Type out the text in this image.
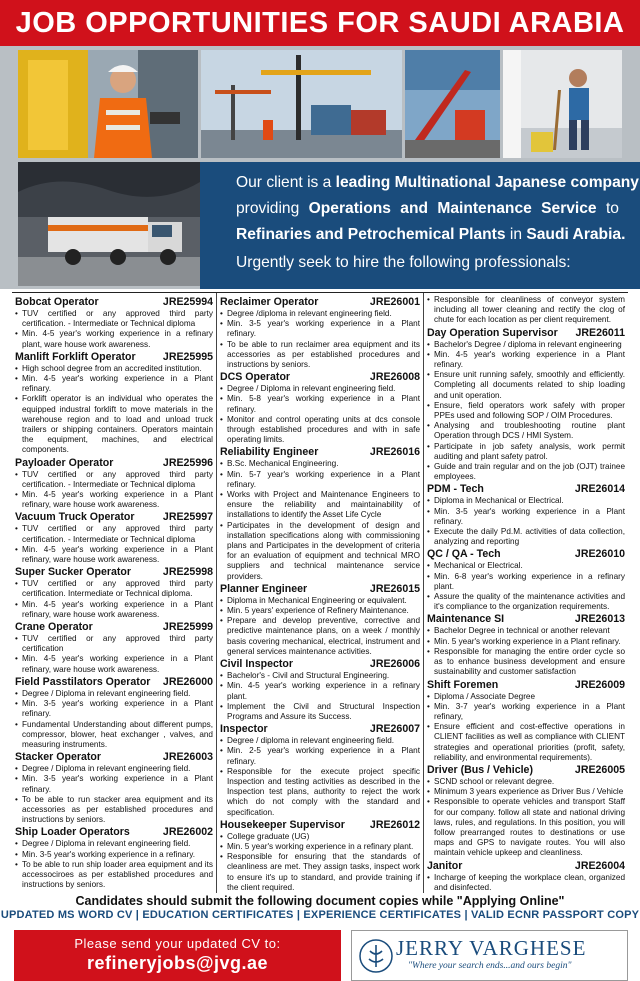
JOB OPPORTUNITIES FOR SAUDI ARABIA
Our client is a leading Multinational Japanese company
providing Operations and Maintenance Service to
Refinaries and Petrochemical Plants in Saudi Arabia.
Urgently seek to hire the following professionals:
Bobcat Operator	JRE25994
• TUV certified or any approved third party certification. - Intermediate or Technical diploma
• Min. 4-5 year's working experience in a refinary plant, ware house work awareness.
Manlift Forklift Operator	JRE25995
• High school degree from an accredited institution.
• Min. 4-5 year's working experience in a Plant refinary.
• Forklift operator is an individual who operates the equipped industral forklift to move materials in the warehouse region and to load and unload truck trailers or shipping containers. Operators maintain the equipment, machines, and electrical components.
Payloader Operator	JRE25996
• TUV certified or any approved third party certification. - Intermediate or Technical diploma
• Min. 4-5 year's working experience in a Plant refinary, ware house work awareness.
Vacuum Truck Operator	JRE25997
• TUV certified or any approved third party certification. - Intermediate or Technical diploma
• Min. 4-5 year's working experience in a Plant refinary, ware house work awareness.
Super Sucker Operator	JRE25998
• TUV certified or any approved third party certification. Intermediate or Technical diploma.
• Min. 4-5 year's working experience in a Plant refinary, ware house work awareness.
Crane Operator	JRE25999
• TUV certified or any approved third party certification
• Min. 4-5 year's working experience in a Plant refinary, ware house work awareness.
Field Passtilators Operator JRE26000
• Degree / Diploma in relevant engineering field.
• Min. 3-5 year's working experience in a Plant refinary.
• Fundamental Understanding about different pumps, compressor, blower, heat exchanger , valves, and measuring instruments.
Stacker Operator	JRE26003
• Degree / Diploma in relevant engineering field.
• Min. 3-5 year's working experience in a Plant refinary.
• To be able to run stacker area equipment and its accessories as per established procedures and instructions by seniors.
Ship Loader Operators	JRE26002
• Degree / Diploma in relevant engineering field.
• Min. 3-5 year's working experience in a refinary.
• To be able to run ship loader area equipment and its accessociroes as per established procedures and instructions by seniors.
Reclaimer Operator	JRE26001
• Degree /diploma in relevant engineering field.
• Min. 3-5 year's working experience in a Plant refinary.
• To be able to run reclaimer area equipment and its accessories as per established procedures and instructions by seniors.
DCS Operator	JRE26008
• Degree / Diploma in relevant engineering field.
• Min. 5-8 year's working experience in a Plant refinary.
• Monitor and control operating units at dcs console through established procedures and with in safe operating limits.
Reliability Engineer	JRE26016
• B.Sc. Mechanical Engineering.
• Min. 5-7 year's working experience in a Plant refinary.
• Works with Project and Maintenance Engineers to ensure the reliability and maintainability of installations to identify the Asset Life Cycle
• Participates in the development of design and installation specifications along with commissioning plans and Participates in the development of criteria for an evaluation of equipment and technical MRO suppliers and technical maintenance service providers.
Planner Engineer	JRE26015
• Diploma in Mechanical Engineering or equivalent.
• Min. 5 years' experience of Refinery Maintenance.
• Prepare and develop preventive, corrective and predictive maintenance plans, on a week / monthly basis covering mechanical, electrical, instrument and general services maintenance activities.
Civil Inspector	JRE26006
• Bachelor's - Civil and Structural Engineering.
• Min. 4-5 year's working experience in a refinary plant.
• Implement the Civil and Structural Inspection Programs and Assure its Success.
Inspector	JRE26007
• Degree / diploma in relevant engineering field.
• Min. 2-5 year's working experience in a Plant refinary.
• Responsible for the execute project specific Inspection and testing activities as described in the Inspection test plans, authority to reject the work which do not comply with the standard and specification.
Housekeeper Supervisor JRE26012
• College graduate (UG)
• Min. 5 year's working experience in a refinary plant.
• Responsible for ensuring that the standards of cleanliness are met. They assign tasks, inspect work to ensure it's up to standard, and provide training if the client required.
•
• Responsible for cleanliness of conveyor system including all tower cleaning and rectify the clog of chute for each location as per client requirement.
Day Operation Supervisor JRE26011
• Bachelor's Degree / diploma in relevant engineering
• Min. 4-5 year's working experience in a Plant refinary.
• Ensure unit running safely, smoothly and efficiently. Completing all documents related to ship loading and unit operation.
• Ensure, field operators work safely with proper PPEs used and following SOP / OIM Procedures.
• Analysing and troubleshooting routine plant Operation through DCS / HMI System.
• Participate in job safety analysis, work permit auditing and plant safety patrol.
• Guide and train regular and on the job (OJT) trainee employees.
PDM - Tech	JRE26014
• Diploma in Mechanical or Electrical.
• Min. 3-5 year's working experience in a Plant refinary.
• Execute the daily Pd.M. activities of data collection, analyzing and reporting
QC / QA - Tech	JRE26010
• Mechanical or Electrical.
• Min. 6-8 year's working experience in a refinary plant.
• Assure the quality of the maintenance activities and it's compliance to the organization requirements.
Maintenance SI	JRE26013
• Bachelor Degree in technical or another relevant
• Min. 5 year's working experience in a Plant refinary.
• Responsible for managing the entire order cycle so as to enhance business development and ensure sustainability and customer satisfaction
Shift Foremen	JRE26009
• Diploma / Associate Degree
• Min. 3-7 year's working experience in a Plant refinary,
• Ensure efficient and cost-effective operations in CLIENT facilities as well as compliance with CLIENT strategies and operational priorities (profit, safety, reliability, and environmental requirements).
Driver (Bus / Vehicle)	JRE26005
• SCND school or relevant degree.
• Minimum 3 years experience as Driver Bus / Vehicle
• Responsible to operate vehicles and transport Staff for our company. follow all state and national driving laws, rules, and regulations. In this position, you will follow prearranged routes to destinations or use maps and GPS to navigate routes. You will also maintain vehicle upkeep and cleanliness.
Janitor	JRE26004
• Incharge of keeping the workplace clean, organized and disinfected.
Candidates should submit the following document copies while "Applying Online"
UPDATED MS WORD CV | EDUCATION CERTIFICATES | EXPERIENCE CERTIFICATES | VALID ECNR PASSPORT COPY
Please send your updated CV to:
refineryjobs@jvg.ae
JERRY VARGHESE
"Where your search ends...and ours begin"
